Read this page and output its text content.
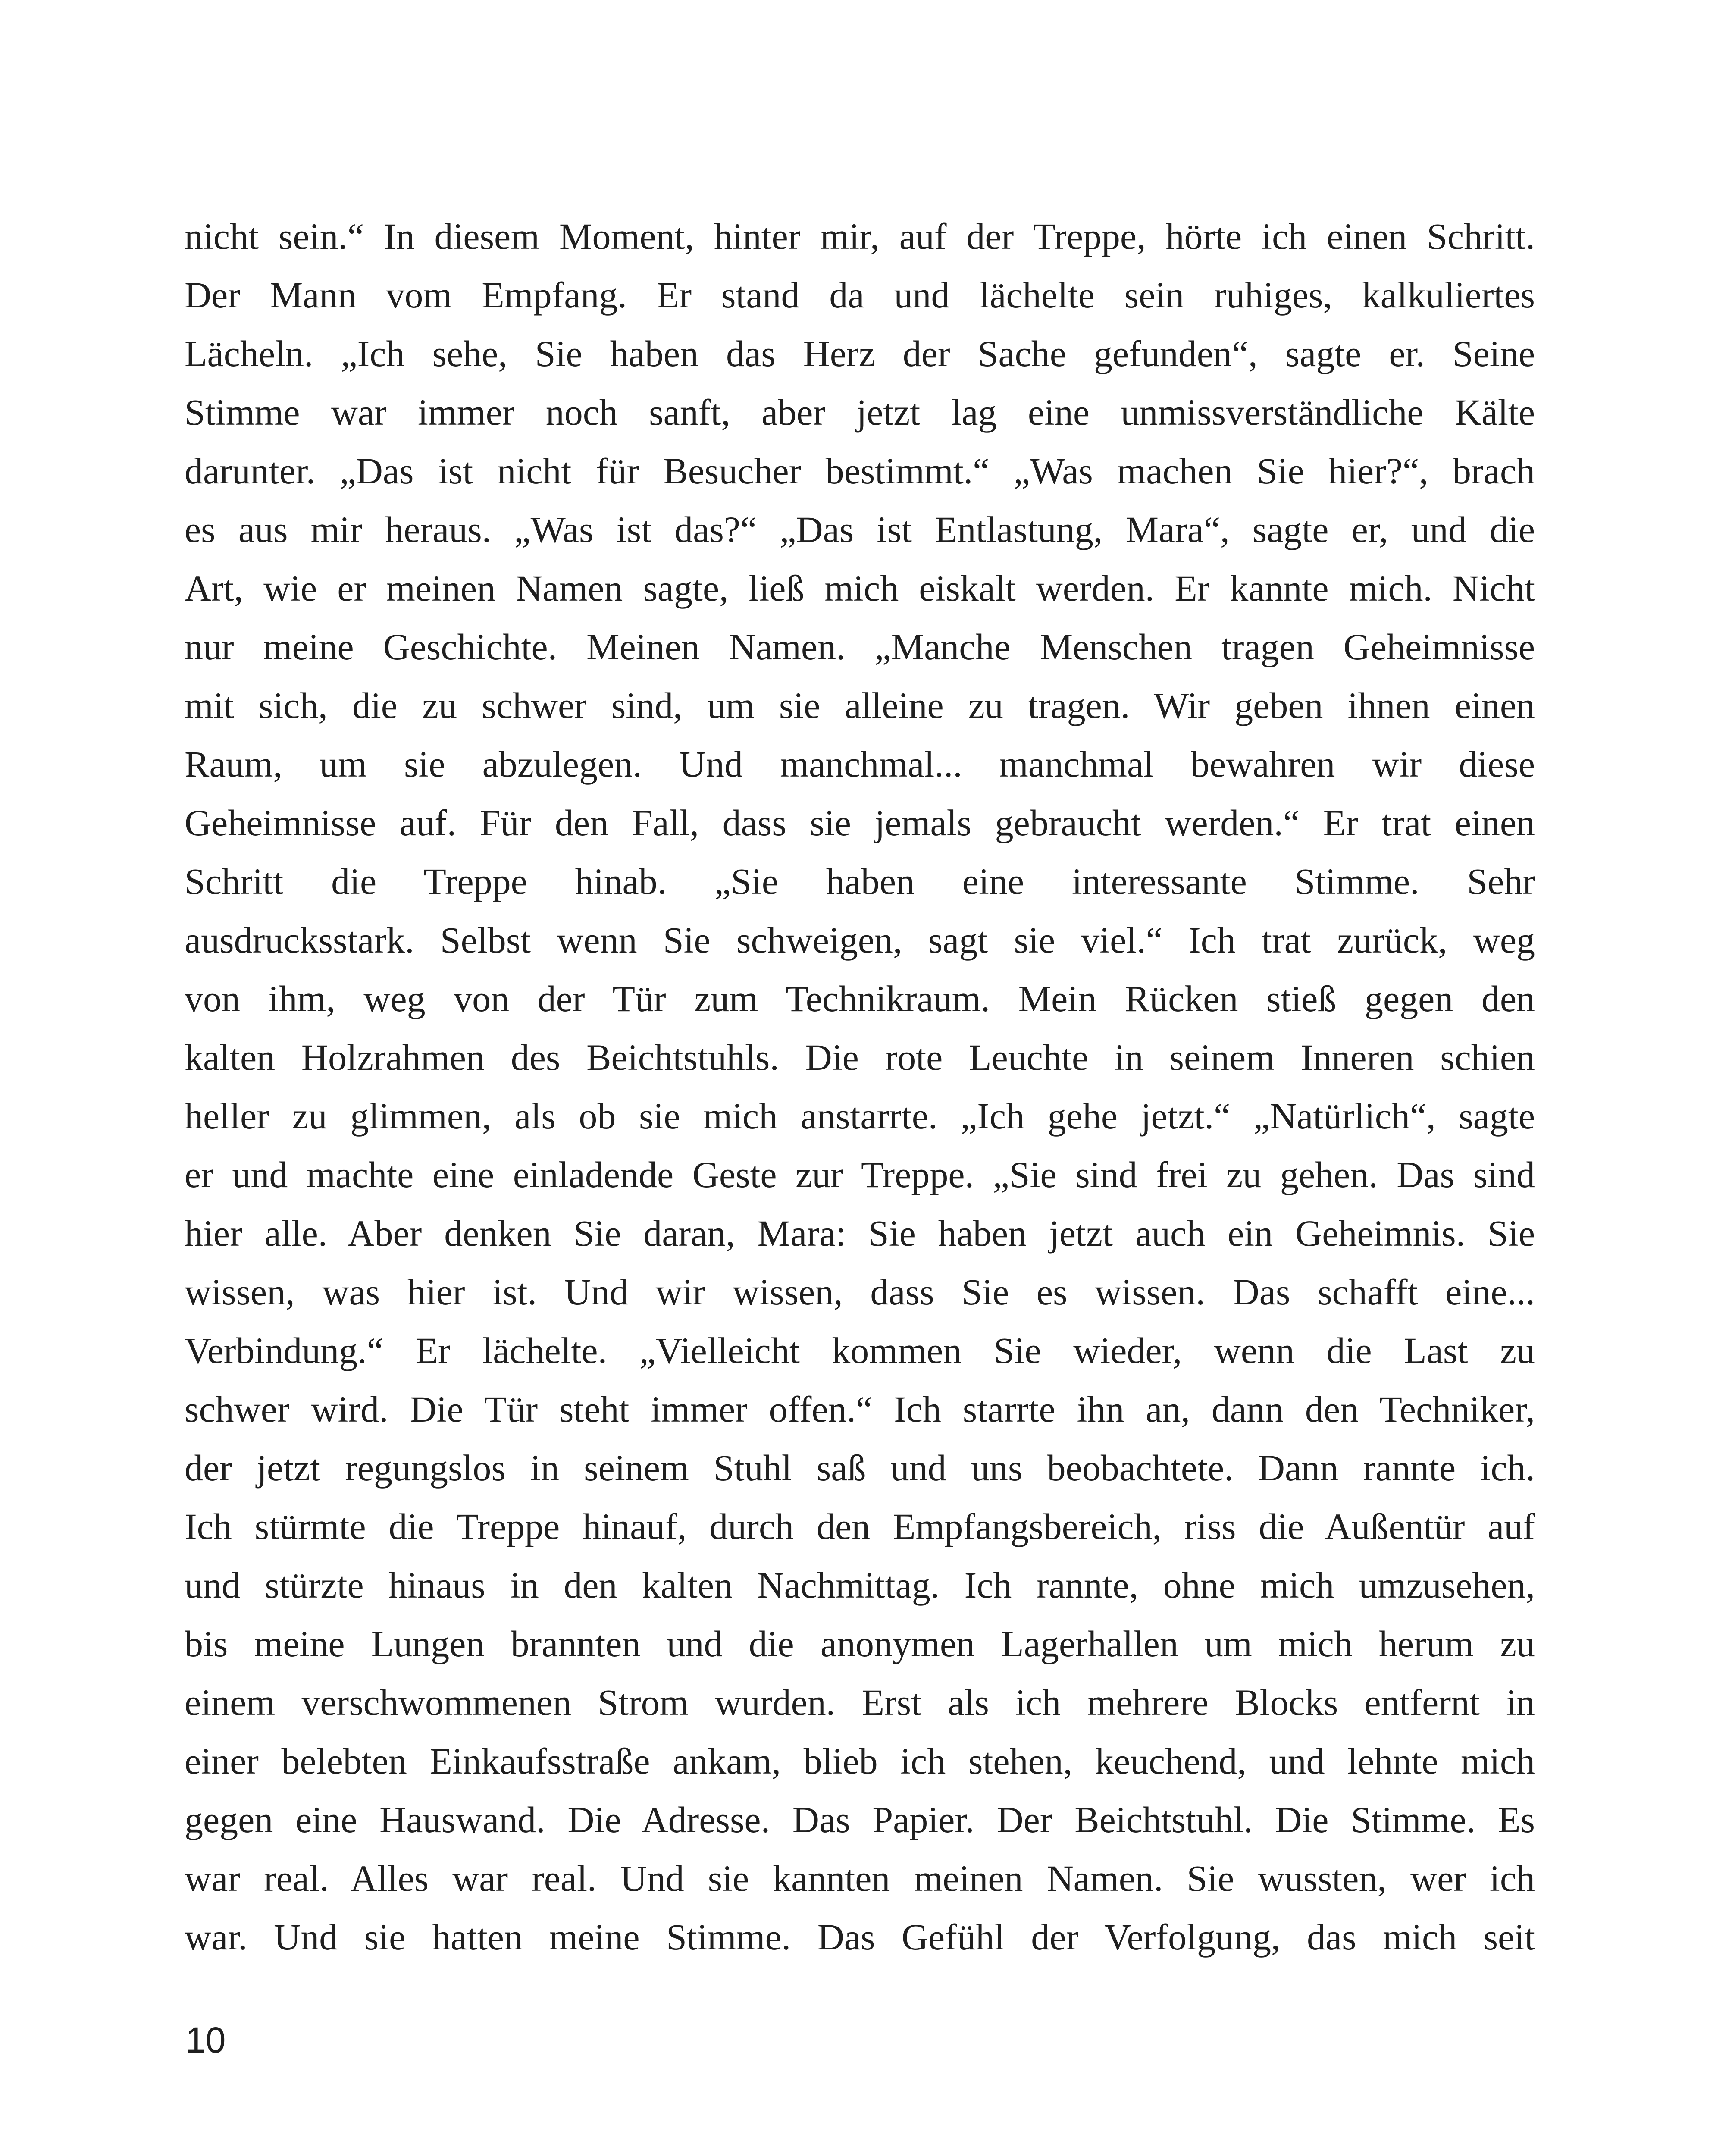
nicht sein.“ In diesem Moment, hinter mir, auf der Treppe, hörte ich einen Schritt.
Der Mann vom Empfang. Er stand da und lächelte sein ruhiges, kalkuliertes
Lächeln. „Ich sehe, Sie haben das Herz der Sache gefunden“, sagte er. Seine
Stimme war immer noch sanft, aber jetzt lag eine unmissverständliche Kälte
darunter. „Das ist nicht für Besucher bestimmt.“ „Was machen Sie hier?“, brach
es aus mir heraus. „Was ist das?“ „Das ist Entlastung, Mara“, sagte er, und die
Art, wie er meinen Namen sagte, ließ mich eiskalt werden. Er kannte mich. Nicht
nur meine Geschichte. Meinen Namen. „Manche Menschen tragen Geheimnisse
mit sich, die zu schwer sind, um sie alleine zu tragen. Wir geben ihnen einen
Raum, um sie abzulegen. Und manchmal... manchmal bewahren wir diese
Geheimnisse auf. Für den Fall, dass sie jemals gebraucht werden.“ Er trat einen
Schritt die Treppe hinab. „Sie haben eine interessante Stimme. Sehr
ausdrucksstark. Selbst wenn Sie schweigen, sagt sie viel.“ Ich trat zurück, weg
von ihm, weg von der Tür zum Technikraum. Mein Rücken stieß gegen den
kalten Holzrahmen des Beichtstuhls. Die rote Leuchte in seinem Inneren schien
heller zu glimmen, als ob sie mich anstarrte. „Ich gehe jetzt.“ „Natürlich“, sagte
er und machte eine einladende Geste zur Treppe. „Sie sind frei zu gehen. Das sind
hier alle. Aber denken Sie daran, Mara: Sie haben jetzt auch ein Geheimnis. Sie
wissen, was hier ist. Und wir wissen, dass Sie es wissen. Das schafft eine...
Verbindung.“ Er lächelte. „Vielleicht kommen Sie wieder, wenn die Last zu
schwer wird. Die Tür steht immer offen.“ Ich starrte ihn an, dann den Techniker,
der jetzt regungslos in seinem Stuhl saß und uns beobachtete. Dann rannte ich.
Ich stürmte die Treppe hinauf, durch den Empfangsbereich, riss die Außentür auf
und stürzte hinaus in den kalten Nachmittag. Ich rannte, ohne mich umzusehen,
bis meine Lungen brannten und die anonymen Lagerhallen um mich herum zu
einem verschwommenen Strom wurden. Erst als ich mehrere Blocks entfernt in
einer belebten Einkaufsstraße ankam, blieb ich stehen, keuchend, und lehnte mich
gegen eine Hauswand. Die Adresse. Das Papier. Der Beichtstuhl. Die Stimme. Es
war real. Alles war real. Und sie kannten meinen Namen. Sie wussten, wer ich
war. Und sie hatten meine Stimme. Das Gefühl der Verfolgung, das mich seit
10
